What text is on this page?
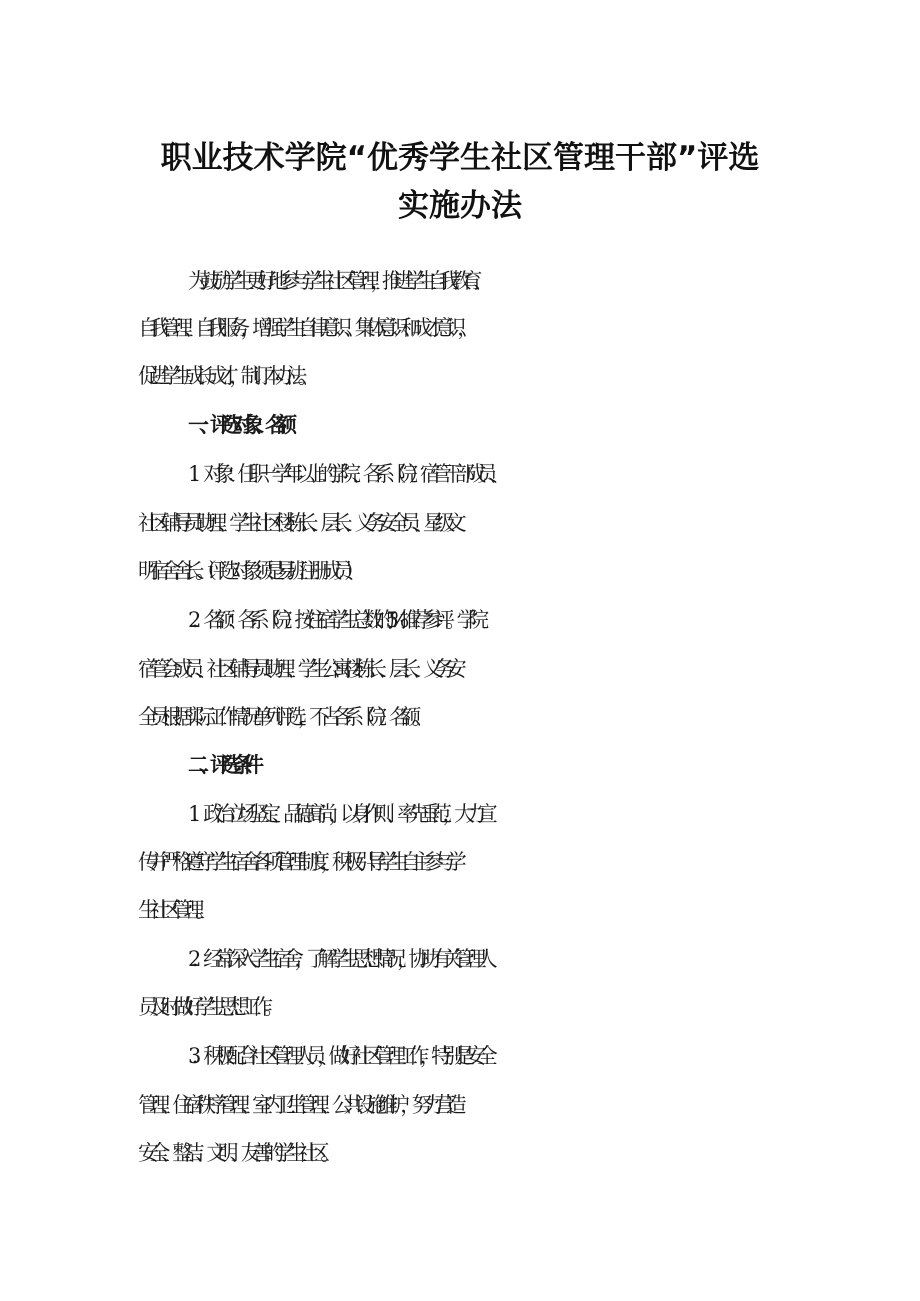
职业技术学院“优秀学生社区管理干部”评选
实施办法
为鼓励学生更好地参与学生社区管理，推进学生自我教育、
自我管理、自我服务，增强学生自律意识、集体意识和成才意识，
促进学生成长成才，制订本办法。
一、评选对象、名额
1．对象：任职一学年以上的学院、各系（院）宿管干部成员、
社区辅导员助理、学生社区楼栋长、层长、义务安全员、星级文
明宿舍舍长。（评选对象须是易班注册成员）
2．名额：各系（院）按住宿学生总数的5%推荐参评。学院
宿管会成员、社区辅导员助理、学生公寓楼栋长、层长、义务安
全员根据实际工作情况单列评选，不占各系（院）名额。
二、评选条件
1．政治立场坚定、品德高尚，以身作则、率先垂范，大力宣
传并严格遵守学生宿舍各项管理制度，积极引导学生自主参与学
生社区管理。
2．经常深入学生宿舍，了解学生思想情况，协助有关管理人
员及时做好学生思想工作。
3．积极配合社区管理人员，做好社区管理工作，特别是安全
管理、住宿秩序管理、室内卫生管理、公共设施维护，努力营造
安全、整洁、文明、友善的学生社区。
